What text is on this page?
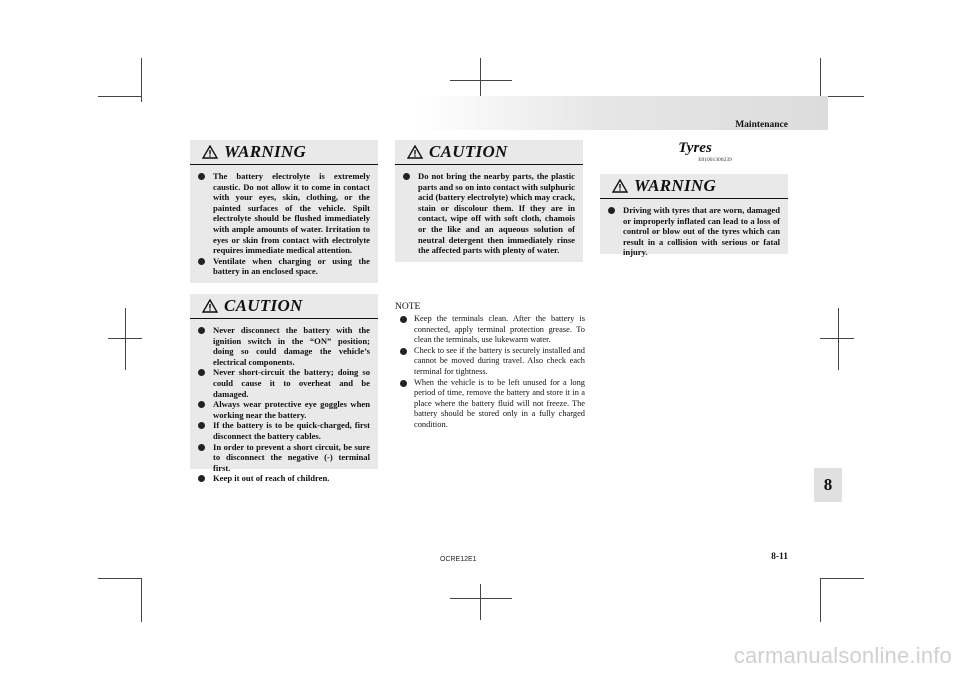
Maintenance
WARNING
The battery electrolyte is extremely caustic. Do not allow it to come in contact with your eyes, skin, clothing, or the painted surfaces of the vehicle. Spilt electrolyte should be flushed immediately with ample amounts of water. Irritation to eyes or skin from contact with electrolyte requires immediate medical attention.
Ventilate when charging or using the battery in an enclosed space.
CAUTION
Never disconnect the battery with the ignition switch in the “ON” position; doing so could damage the vehicle’s electrical components.
Never short-circuit the battery; doing so could cause it to overheat and be damaged.
Always wear protective eye goggles when working near the battery.
If the battery is to be quick-charged, first disconnect the battery cables.
In order to prevent a short circuit, be sure to disconnect the negative (-) terminal first.
Keep it out of reach of children.
CAUTION
Do not bring the nearby parts, the plastic parts and so on into contact with sulphuric acid (battery electrolyte) which may crack, stain or discolour them. If they are in contact, wipe off with soft cloth, chamois or the like and an aqueous solution of neutral detergent then immediately rinse the affected parts with plenty of water.
NOTE
Keep the terminals clean. After the battery is connected, apply terminal protection grease. To clean the terminals, use lukewarm water.
Check to see if the battery is securely installed and cannot be moved during travel. Also check each terminal for tightness.
When the vehicle is to be left unused for a long period of time, remove the battery and store it in a place where the battery fluid will not freeze. The battery should be stored only in a fully charged condition.
Tyres
E01001300239
WARNING
Driving with tyres that are worn, damaged or improperly inflated can lead to a loss of control or blow out of the tyres which can result in a collision with serious or fatal injury.
8
OCRE12E1	8-11
carmanualsonline.info
